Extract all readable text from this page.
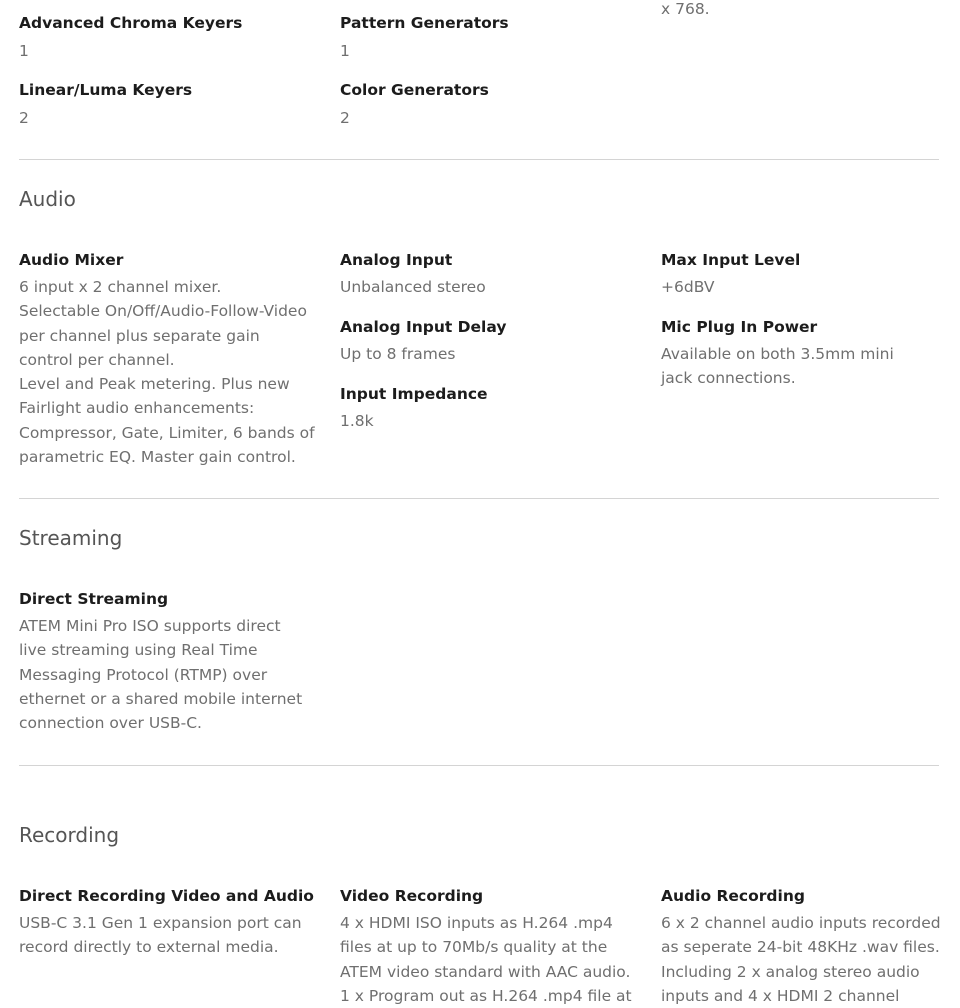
x 768.
Advanced Chroma Keyers
1
Linear/Luma Keyers
2
Pattern Generators
1
Color Generators
2
Audio
Audio Mixer
6 input x 2 channel mixer.
Selectable On/Off/Audio-Follow-Video
per channel plus separate gain
control per channel.
Level and Peak metering. Plus new
Fairlight audio enhancements:
Compressor, Gate, Limiter, 6 bands of
parametric EQ. Master gain control.
Analog Input
Unbalanced stereo
Analog Input Delay
Up to 8 frames
Input Impedance
1.8k
Max Input Level
+6dBV
Mic Plug In Power
Available on both 3.5mm mini
jack connections.
Streaming
Direct Streaming
ATEM Mini Pro ISO supports direct
live streaming using Real Time
Messaging Protocol (RTMP) over
ethernet or a shared mobile internet
connection over USB-C.
Recording
Direct Recording Video and Audio
USB-C 3.1 Gen 1 expansion port can
record directly to external media.
Video Recording
4 x HDMI ISO inputs as H.264 .mp4
files at up to 70Mb/s quality at the
ATEM video standard with AAC audio.
1 x Program out as H.264 .mp4 file at
Audio Recording
6 x 2 channel audio inputs recorded
as seperate 24-bit 48KHz .wav files.
Including 2 x analog stereo audio
inputs and 4 x HDMI 2 channel
